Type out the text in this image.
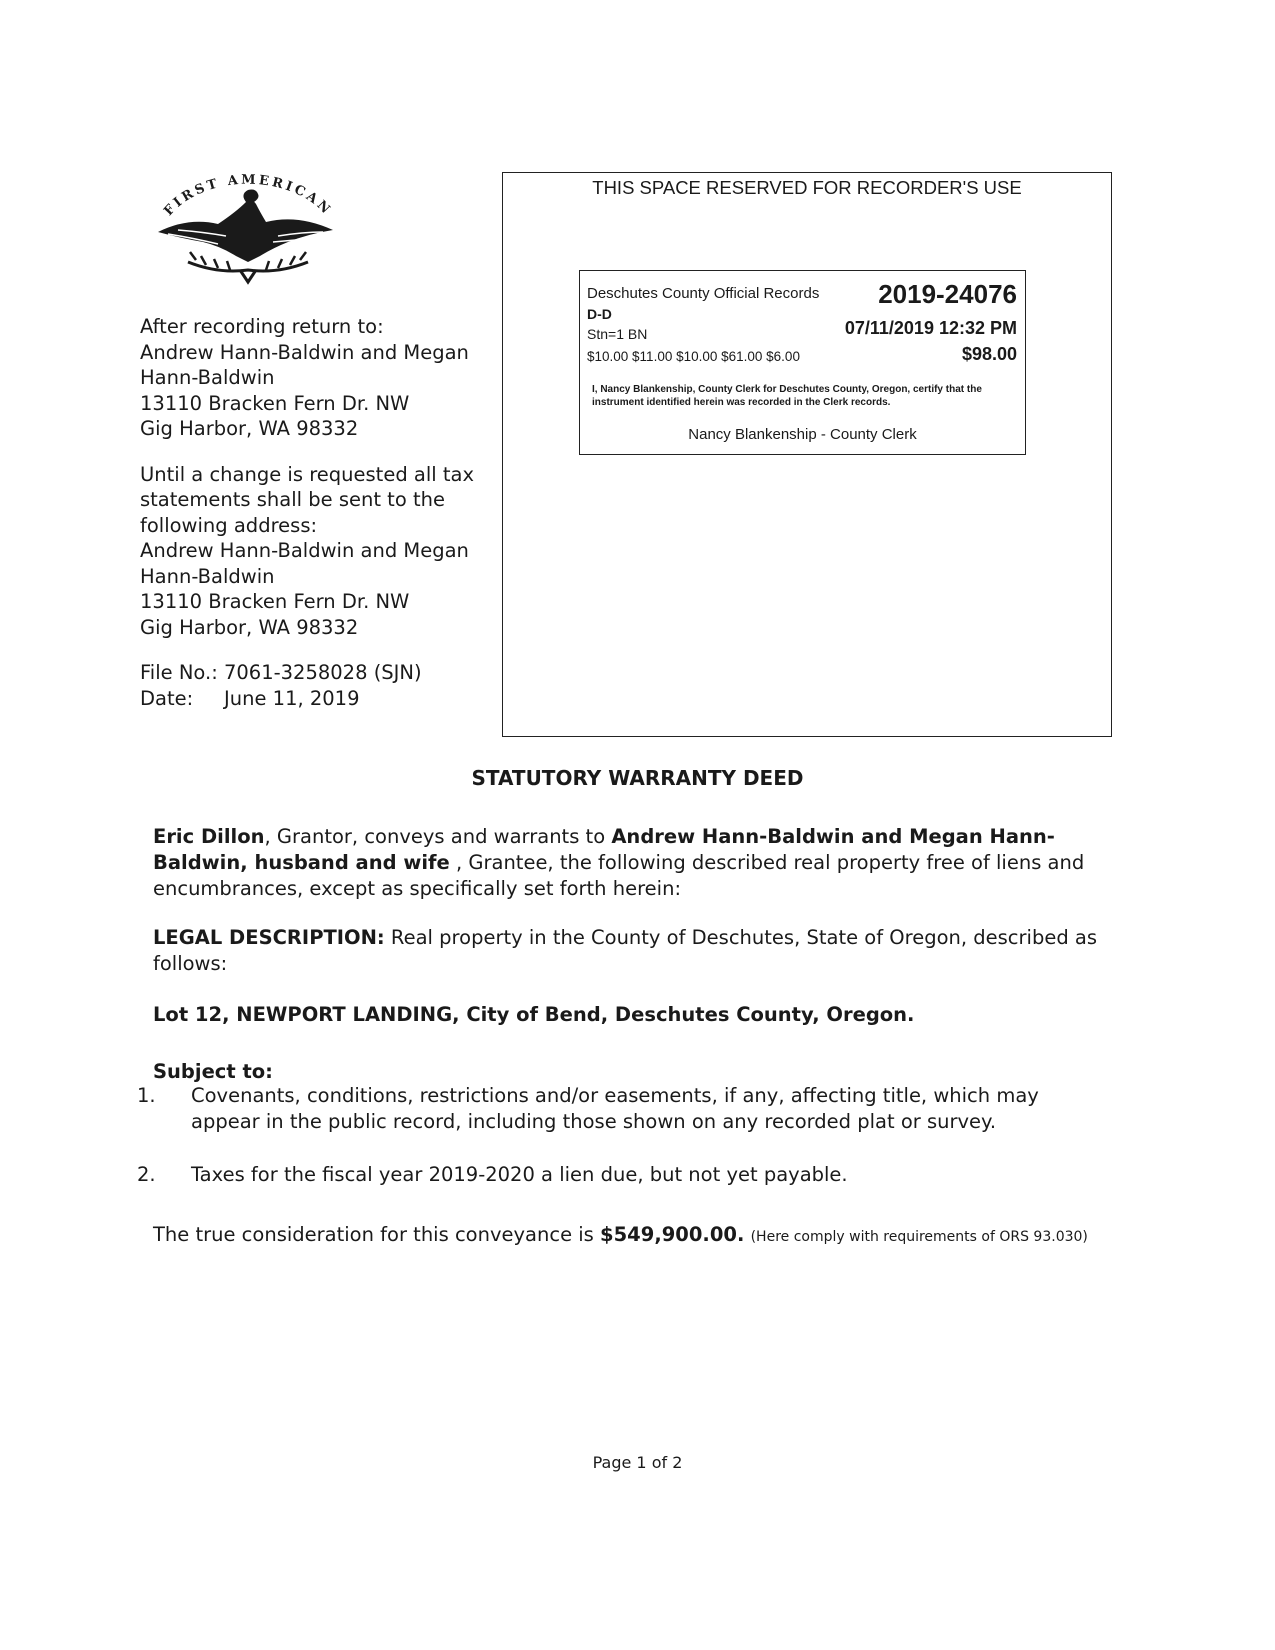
FIRST AMERICAN
After recording return to:
Andrew Hann-Baldwin and Megan
Hann-Baldwin
13110 Bracken Fern Dr. NW
Gig Harbor, WA 98332
Until a change is requested all tax
statements shall be sent to the
following address:
Andrew Hann-Baldwin and Megan
Hann-Baldwin
13110 Bracken Fern Dr. NW
Gig Harbor, WA 98332
File No.: 7061-3258028 (SJN)
Date: June 11, 2019
THIS SPACE RESERVED FOR RECORDER'S USE
Deschutes County Official Records 2019-24076
D-D
Stn=1 BN	07/11/2019 12:32 PM
$10.00 $11.00 $10.00 $61.00 $6.00	$98.00
I, Nancy Blankenship, County Clerk for Deschutes County, Oregon, certify that the instrument identified herein was recorded in the Clerk records.
Nancy Blankenship - County Clerk
STATUTORY WARRANTY DEED
Eric Dillon, Grantor, conveys and warrants to Andrew Hann-Baldwin and Megan Hann-Baldwin, husband and wife , Grantee, the following described real property free of liens and encumbrances, except as specifically set forth herein:
LEGAL DESCRIPTION: Real property in the County of Deschutes, State of Oregon, described as follows:
Lot 12, NEWPORT LANDING, City of Bend, Deschutes County, Oregon.
Subject to:
1.	Covenants, conditions, restrictions and/or easements, if any, affecting title, which may appear in the public record, including those shown on any recorded plat or survey.
2.	Taxes for the fiscal year 2019-2020 a lien due, but not yet payable.
The true consideration for this conveyance is $549,900.00. (Here comply with requirements of ORS 93.030)
Page 1 of 2
